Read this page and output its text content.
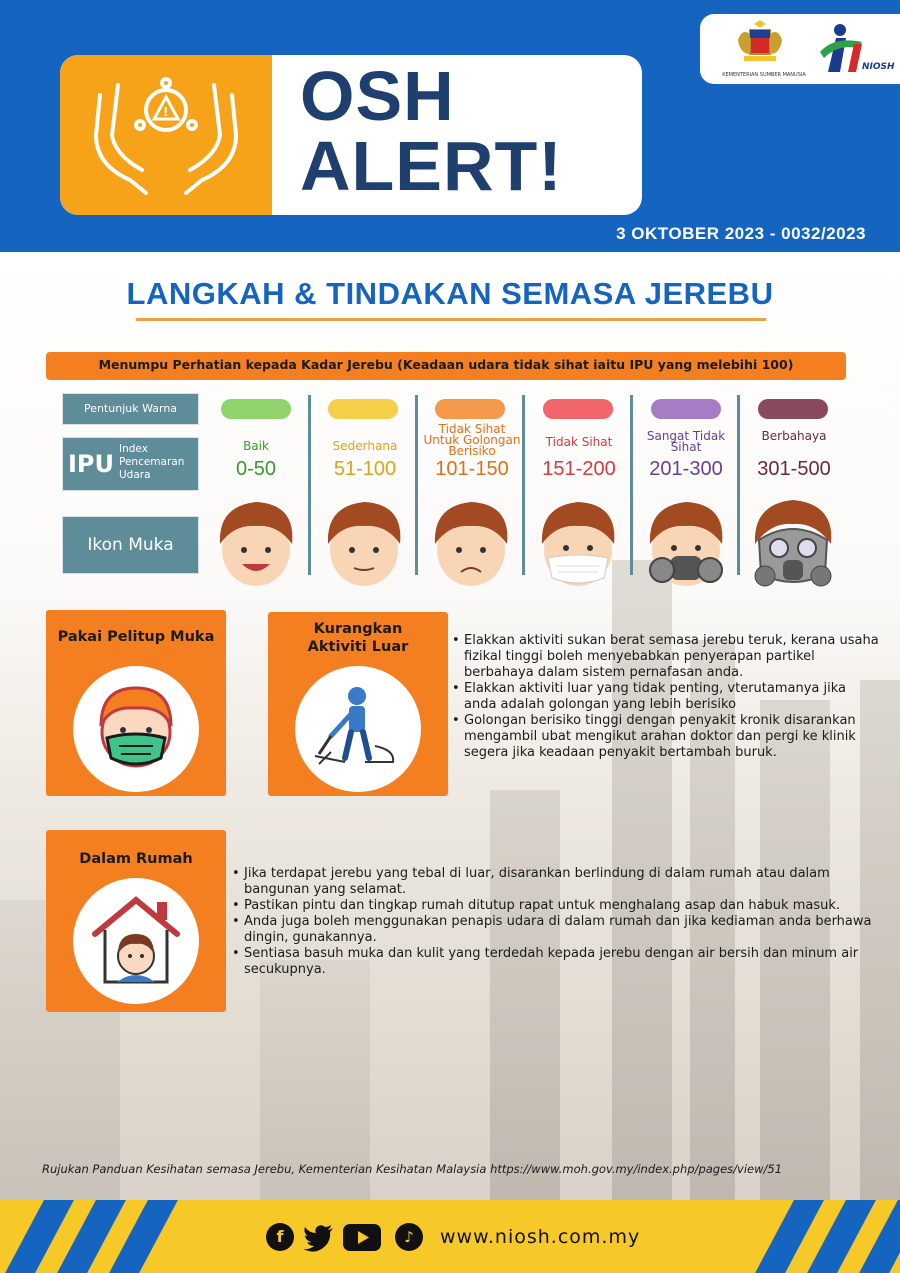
! OSH
ALERT!
KEMENTERIAN SUMBER MANUSIA
NIOSH
3 OKTOBER 2023 - 0032/2023
LANGKAH & TINDAKAN SEMASA JEREBU
Menumpu Perhatian kepada Kadar Jerebu (Keadaan udara tidak sihat iaitu IPU yang melebihi 100)
Pentunjuk Warna
IPU
Index Pencemaran Udara
Ikon Muka
Baik
0-50
Sederhana
51-100
Tidak Sihat Untuk Golongan Berisiko
101-150
Tidak Sihat
151-200
Sangat Tidak Sihat
201-300
Berbahaya
301-500
Pakai Pelitup Muka	Kurangkan
Aktiviti Luar
•	Elakkan aktiviti sukan berat semasa jerebu teruk, kerana usaha fizikal tinggi boleh menyebabkan penyerapan partikel berbahaya dalam sistem pernafasan anda.
• Elakkan aktiviti luar yang tidak penting, vterutamanya jika anda adalah golongan yang lebih berisiko
• Golongan berisiko tinggi dengan penyakit kronik disarankan mengambil ubat mengikut arahan doktor dan pergi ke klinik segera jika keadaan penyakit bertambah buruk.
Dalam Rumah
• Jika terdapat jerebu yang tebal di luar, disarankan berlindung di dalam rumah atau dalam bangunan yang selamat.
• Pastikan pintu dan tingkap rumah ditutup rapat untuk menghalang asap dan habuk masuk.
• Anda juga boleh menggunakan penapis udara di dalam rumah dan jika kediaman anda berhawa dingin, gunakannya.
• Sentiasa basuh muka dan kulit yang terdedah kepada jerebu dengan air bersih dan minum air secukupnya.
Rujukan Panduan Kesihatan semasa Jerebu, Kementerian Kesihatan Malaysia https://www.moh.gov.my/index.php/pages/view/51
f	♪	www.niosh.com.my
